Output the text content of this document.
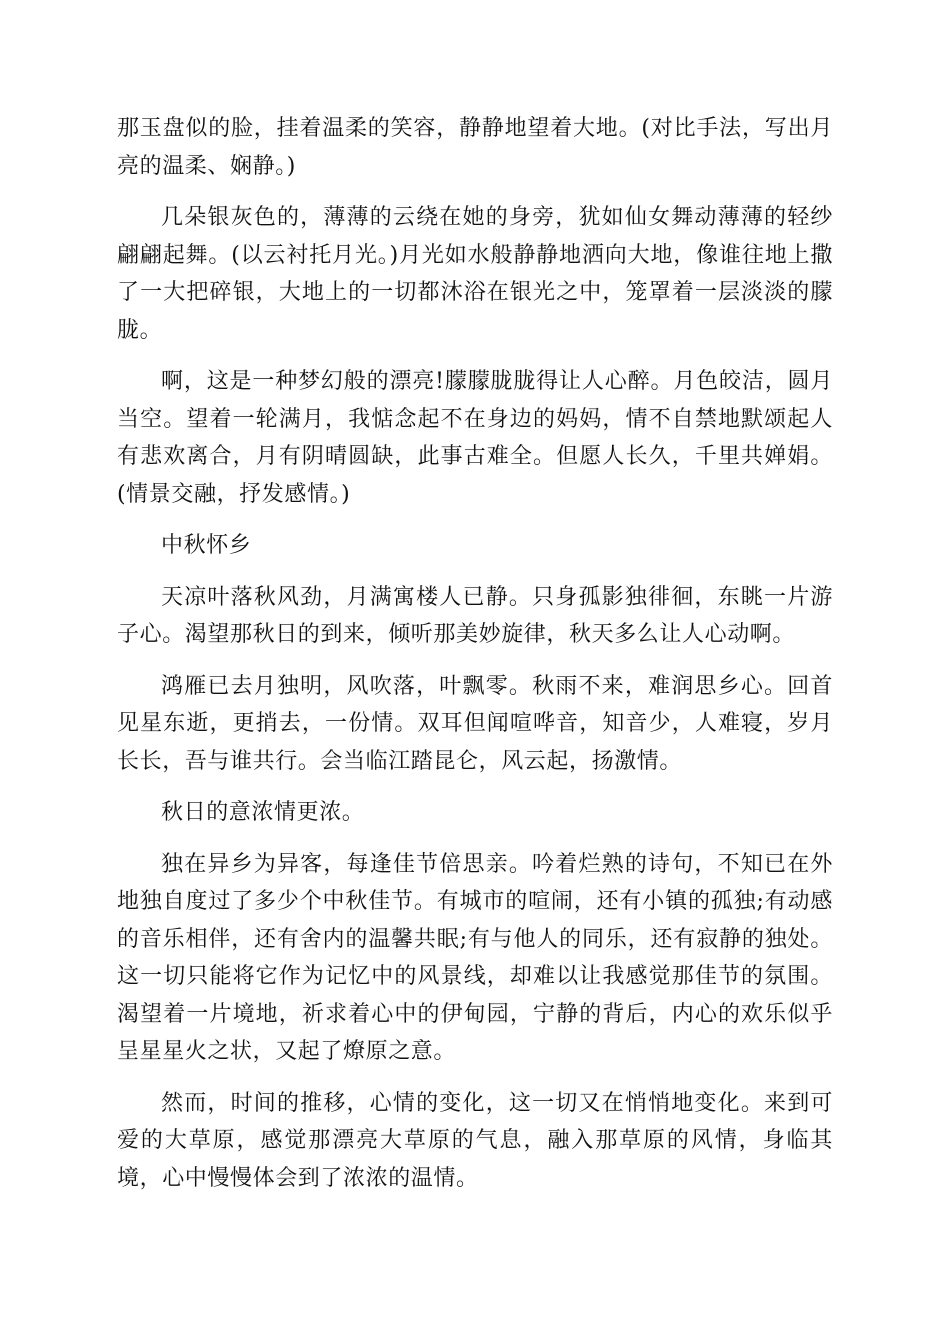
那玉盘似的脸，挂着温柔的笑容，静静地望着大地。(对比手法，写出月亮的温柔、娴静。)

几朵银灰色的，薄薄的云绕在她的身旁，犹如仙女舞动薄薄的轻纱翩翩起舞。(以云衬托月光。)月光如水般静静地洒向大地，像谁往地上撒了一大把碎银，大地上的一切都沐浴在银光之中，笼罩着一层淡淡的朦胧。

啊，这是一种梦幻般的漂亮!朦朦胧胧得让人心醉。月色皎洁，圆月当空。望着一轮满月，我惦念起不在身边的妈妈，情不自禁地默颂起人有悲欢离合，月有阴晴圆缺，此事古难全。但愿人长久，千里共婵娟。(情景交融，抒发感情。)

中秋怀乡

天凉叶落秋风劲，月满寓楼人已静。只身孤影独徘徊，东眺一片游子心。渴望那秋日的到来，倾听那美妙旋律，秋天多么让人心动啊。

鸿雁已去月独明，风吹落，叶飘零。秋雨不来，难润思乡心。回首见星东逝，更捎去，一份情。双耳但闻喧哗音，知音少，人难寝，岁月长长，吾与谁共行。会当临江踏昆仑，风云起，扬激情。

秋日的意浓情更浓。

独在异乡为异客，每逢佳节倍思亲。吟着烂熟的诗句，不知已在外地独自度过了多少个中秋佳节。有城市的喧闹，还有小镇的孤独;有动感的音乐相伴，还有舍内的温馨共眠;有与他人的同乐，还有寂静的独处。这一切只能将它作为记忆中的风景线，却难以让我感觉那佳节的氛围。渴望着一片境地，祈求着心中的伊甸园，宁静的背后，内心的欢乐似乎呈星星火之状，又起了燎原之意。

然而，时间的推移，心情的变化，这一切又在悄悄地变化。来到可爱的大草原，感觉那漂亮大草原的气息，融入那草原的风情，身临其境，心中慢慢体会到了浓浓的温情。
